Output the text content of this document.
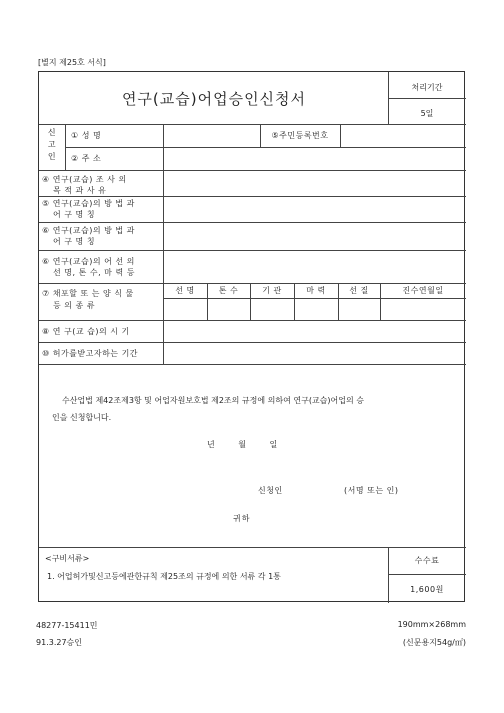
[별지 제25호 서식]
연구(교습)어업승인신청서
처리기간
5일
신
고
인
① 성 명	⑤주민등록번호
② 주 소
④ 연구(교습) 조 사 의
목 적 과 사 유
⑤ 연구(교습)의 방 법 과
어 구 명 칭
⑥ 연구(교습)의 방 법 과
어 구 명 칭
⑥ 연구(교습)의 어 선 의
선 명, 톤 수, 마 력 등
⑦ 채포할 또 는 양 식 물
등 의 종 류
선 명	톤 수	기 관	마 력	선 질	진수연월일
⑧ 연 구(교 습)의 시 기
⑩ 허가를받고자하는 기간
수산업법 제42조제3항 및 어업자원보호법 제2조의 규정에 의하여 연구(교습)어업의 승
인을 신청합니다.
년 월 일
신청인	(서명 또는 인)
귀하
<구비서류>
1. 어업허가및신고등에관한규칙 제25조의 규정에 의한 서류 각 1통
수수료
1,600원
48277-15411민
91.3.27승인
190mm×268mm
(신문용지54g/㎡)
